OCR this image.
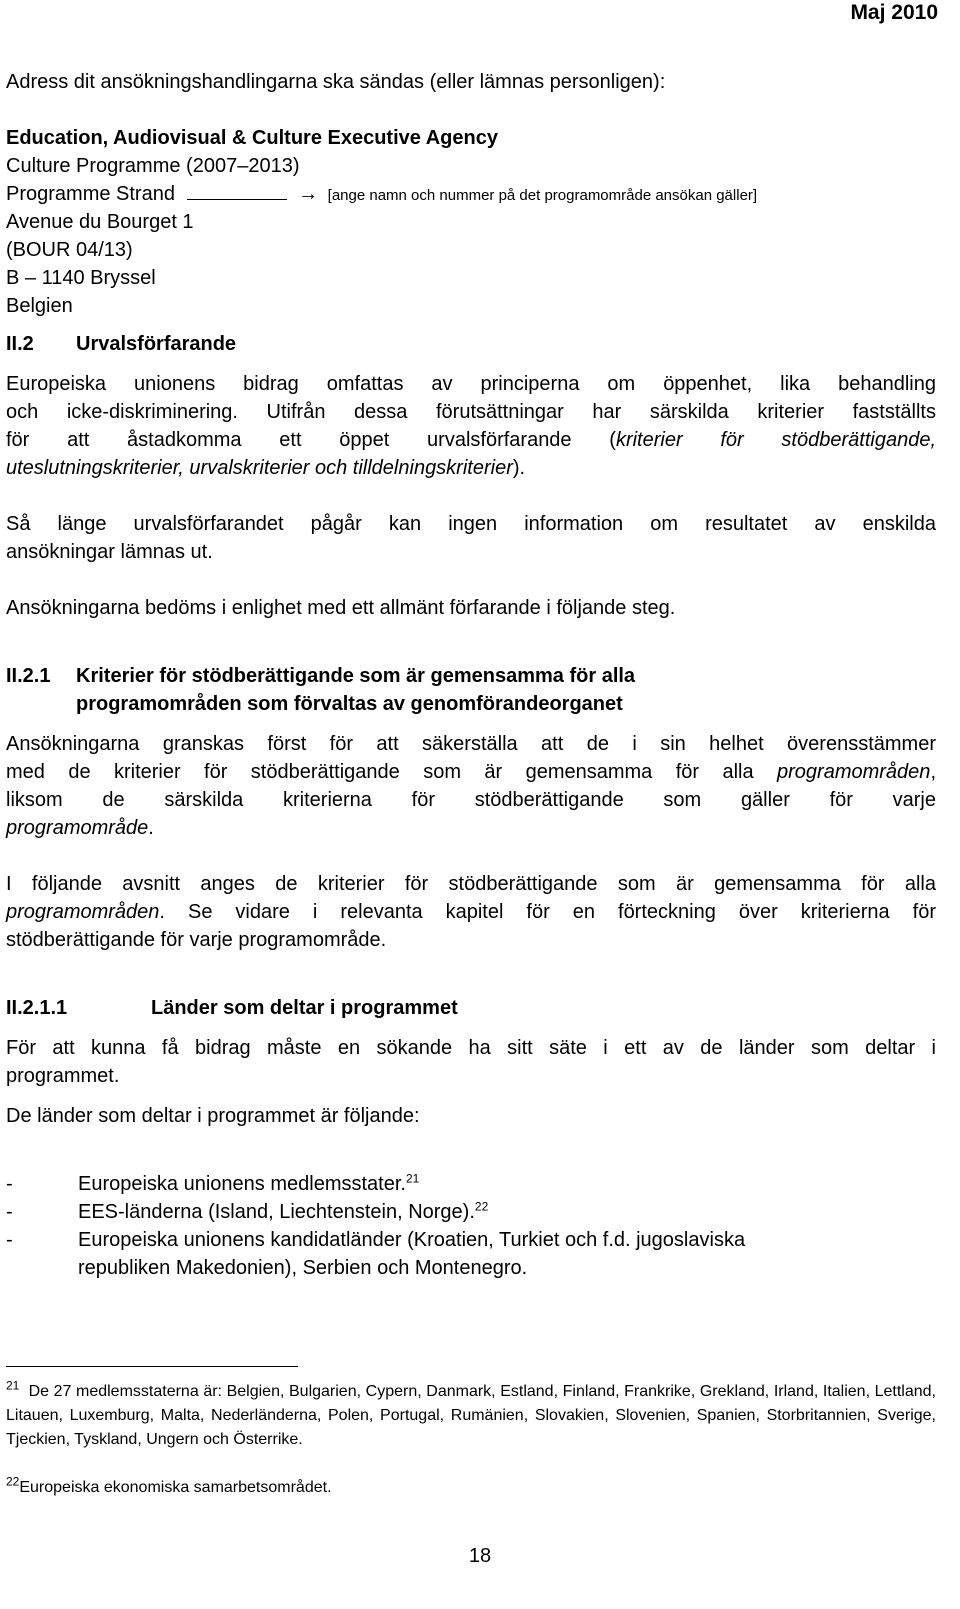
Maj 2010
Adress dit ansökningshandlingarna ska sändas (eller lämnas personligen):
Education, Audiovisual & Culture Executive Agency
Culture Programme (2007–2013)
Programme Strand	→ [ange namn och nummer på det programområde ansökan gäller]
Avenue du Bourget 1
(BOUR 04/13)
B – 1140 Bryssel
Belgien
II.2 Urvalsförfarande
Europeiska unionens bidrag omfattas av principerna om öppenhet, lika behandling
och icke-diskriminering. Utifrån dessa förutsättningar har särskilda kriterier fastställts
för att åstadkomma ett öppet urvalsförfarande (kriterier för stödberättigande,
uteslutningskriterier, urvalskriterier och tilldelningskriterier).
Så länge urvalsförfarandet pågår kan ingen information om resultatet av enskilda
ansökningar lämnas ut.
Ansökningarna bedöms i enlighet med ett allmänt förfarande i följande steg.
II.2.1 Kriterier för stödberättigande som är gemensamma för alla
programområden som förvaltas av genomförandeorganet
Ansökningarna granskas först för att säkerställa att de i sin helhet överensstämmer
med de kriterier för stödberättigande som är gemensamma för alla programområden,
liksom de särskilda kriterierna för stödberättigande som gäller för varje
programområde.
I följande avsnitt anges de kriterier för stödberättigande som är gemensamma för alla
programområden. Se vidare i relevanta kapitel för en förteckning över kriterierna för
stödberättigande för varje programområde.
II.2.1.1	Länder som deltar i programmet
För att kunna få bidrag måste en sökande ha sitt säte i ett av de länder som deltar i
programmet.
De länder som deltar i programmet är följande:
-	Europeiska unionens medlemsstater.$^{21}$
-	EES-länderna (Island, Liechtenstein, Norge).$^{22}$
-	Europeiska unionens kandidatländer (Kroatien, Turkiet och f.d. jugoslaviska
republiken Makedonien), Serbien och Montenegro.
$^{21}$ De 27 medlemsstaterna är: Belgien, Bulgarien, Cypern, Danmark, Estland, Finland, Frankrike, Grekland, Irland, Italien, Lettland, Litauen, Luxemburg, Malta, Nederländerna, Polen, Portugal, Rumänien, Slovakien, Slovenien, Spanien, Storbritannien, Sverige, Tjeckien, Tyskland, Ungern och Österrike.
$^{22}$Europeiska ekonomiska samarbetsområdet.
18
